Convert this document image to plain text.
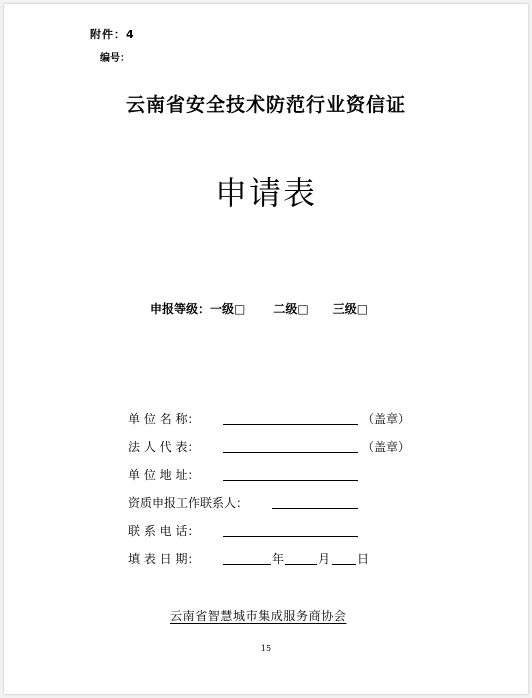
附件：4
编号：
云南省安全技术防范行业资信证
申请表
申报等级：一级□ 二级□ 三级□
单 位 名 称：	（盖章）
法 人 代 表：	（盖章）
单 位 地 址：
资质申报工作联系人：
联 系 电 话：
填 表 日 期：	年	月 日
云南省智慧城市集成服务商协会
15
